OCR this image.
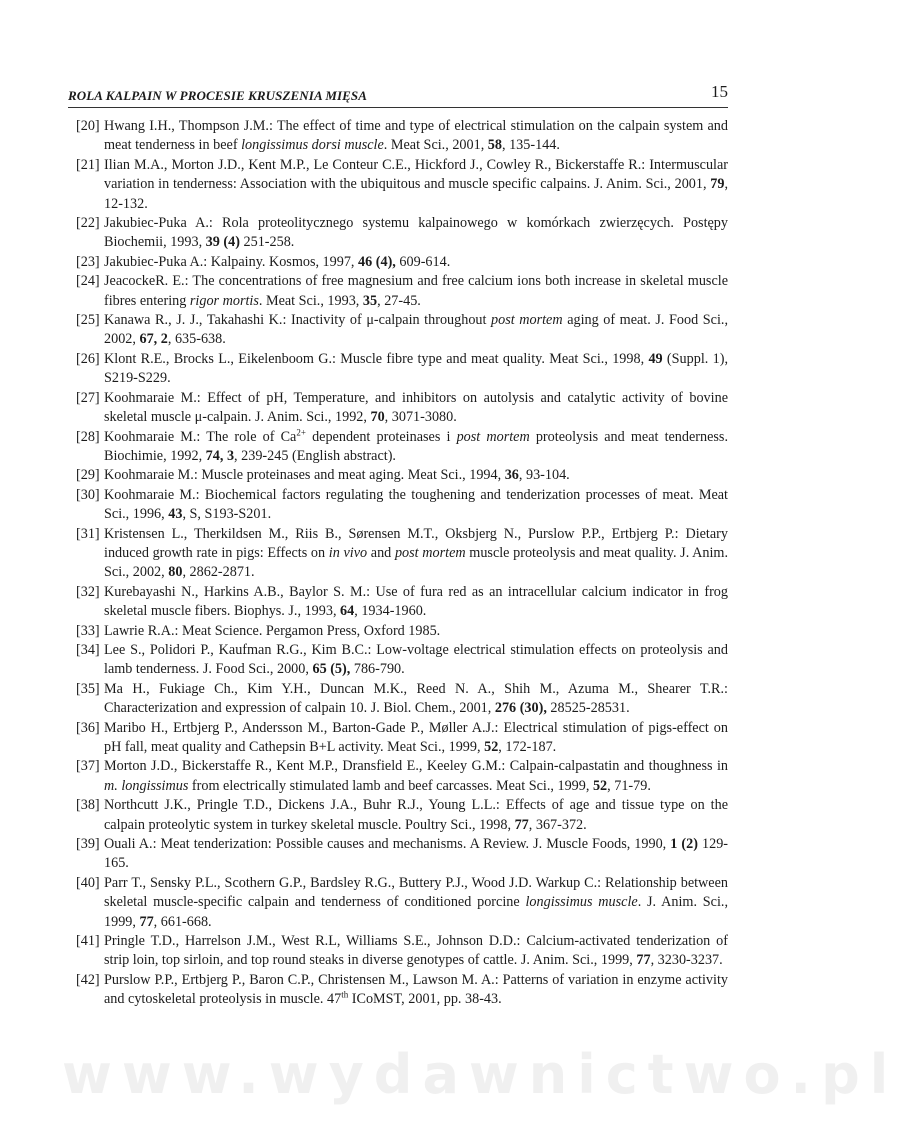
ROLA KALPAIN W PROCESIE KRUSZENIA MIĘSA	15
[20] Hwang I.H., Thompson J.M.: The effect of time and type of electrical stimulation on the calpain system and meat tenderness in beef longissimus dorsi muscle. Meat Sci., 2001, 58, 135-144.
[21] Ilian M.A., Morton J.D., Kent M.P., Le Conteur C.E., Hickford J., Cowley R., Bickerstaffe R.: Intermuscular variation in tenderness: Association with the ubiquitous and muscle specific calpains. J. Anim. Sci., 2001, 79, 12-132.
[22] Jakubiec-Puka A.: Rola proteolitycznego systemu kalpainowego w komórkach zwierzęcych. Postępy Biochemii, 1993, 39 (4) 251-258.
[23] Jakubiec-Puka A.: Kalpainy. Kosmos, 1997, 46 (4), 609-614.
[24] JeacockeR. E.: The concentrations of free magnesium and free calcium ions both increase in skeletal muscle fibres entering rigor mortis. Meat Sci., 1993, 35, 27-45.
[25] Kanawa R., J. J., Takahashi K.: Inactivity of μ-calpain throughout post mortem aging of meat. J. Food Sci., 2002, 67, 2, 635-638.
[26] Klont R.E., Brocks L., Eikelenboom G.: Muscle fibre type and meat quality. Meat Sci., 1998, 49 (Suppl. 1), S219-S229.
[27] Koohmaraie M.: Effect of pH, Temperature, and inhibitors on autolysis and catalytic activity of bovine skeletal muscle μ-calpain. J. Anim. Sci., 1992, 70, 3071-3080.
[28] Koohmaraie M.: The role of $Ca^{2+}$ dependent proteinases i post mortem proteolysis and meat tenderness. Biochimie, 1992, 74, 3, 239-245 (English abstract).
[29] Koohmaraie M.: Muscle proteinases and meat aging. Meat Sci., 1994, 36, 93-104.
[30] Koohmaraie M.: Biochemical factors regulating the toughening and tenderization processes of meat. Meat Sci., 1996, 43, S, S193-S201.
[31] Kristensen L., Therkildsen M., Riis B., Sørensen M.T., Oksbjerg N., Purslow P.P., Ertbjerg P.: Dietary induced growth rate in pigs: Effects on in vivo and post mortem muscle proteolysis and meat quality. J. Anim. Sci., 2002, 80, 2862-2871.
[32] Kurebayashi N., Harkins A.B., Baylor S. M.: Use of fura red as an intracellular calcium indicator in frog skeletal muscle fibers. Biophys. J., 1993, 64, 1934-1960.
[33] Lawrie R.A.: Meat Science. Pergamon Press, Oxford 1985.
[34] Lee S., Polidori P., Kaufman R.G., Kim B.C.: Low-voltage electrical stimulation effects on proteolysis and lamb tenderness. J. Food Sci., 2000, 65 (5), 786-790.
[35] Ma H., Fukiage Ch., Kim Y.H., Duncan M.K., Reed N. A., Shih M., Azuma M., Shearer T.R.: Characterization and expression of calpain 10. J. Biol. Chem., 2001, 276 (30), 28525-28531.
[36] Maribo H., Ertbjerg P., Andersson M., Barton-Gade P., Møller A.J.: Electrical stimulation of pigs-effect on pH fall, meat quality and Cathepsin B+L activity. Meat Sci., 1999, 52, 172-187.
[37] Morton J.D., Bickerstaffe R., Kent M.P., Dransfield E., Keeley G.M.: Calpain-calpastatin and thoughness in m. longissimus from electrically stimulated lamb and beef carcasses. Meat Sci., 1999, 52, 71-79.
[38] Northcutt J.K., Pringle T.D., Dickens J.A., Buhr R.J., Young L.L.: Effects of age and tissue type on the calpain proteolytic system in turkey skeletal muscle. Poultry Sci., 1998, 77, 367-372.
[39] Ouali A.: Meat tenderization: Possible causes and mechanisms. A Review. J. Muscle Foods, 1990, 1 (2) 129-165.
[40] Parr T., Sensky P.L., Scothern G.P., Bardsley R.G., Buttery P.J., Wood J.D. Warkup C.: Relationship between skeletal muscle-specific calpain and tenderness of conditioned porcine longissimus muscle. J. Anim. Sci., 1999, 77, 661-668.
[41] Pringle T.D., Harrelson J.M., West R.L, Williams S.E., Johnson D.D.: Calcium-activated tenderization of strip loin, top sirloin, and top round steaks in diverse genotypes of cattle. J. Anim. Sci., 1999, 77, 3230-3237.
[42] Purslow P.P., Ertbjerg P., Baron C.P., Christensen M., Lawson M. A.: Patterns of variation in enzyme activity and cytoskeletal proteolysis in muscle. 47th ICoMST, 2001, pp. 38-43.
www.wydawnictwo.pl
